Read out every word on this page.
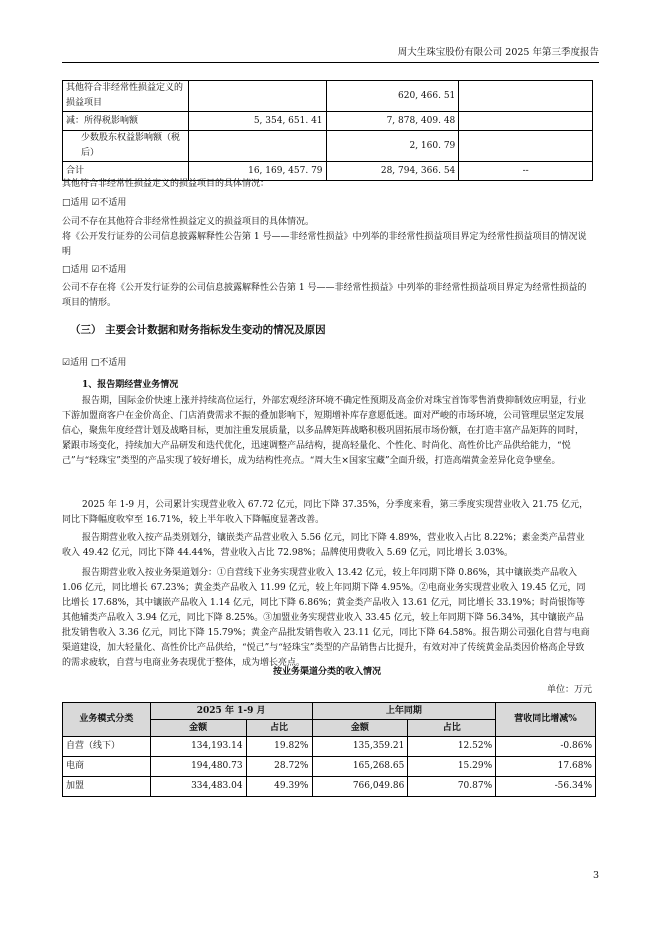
周大生珠宝股份有限公司 2025 年第三季度报告
其他符合非经常性损益定义的损益项目		620, 466. 51	
减：所得税影响额	5, 354, 651. 41	7, 878, 409. 48	
少数股东权益影响额（税后）		2, 160. 79	
合计	16, 169, 457. 79	28, 794, 366. 54	--
其他符合非经常性损益定义的损益项目的具体情况：
□适用 ☑不适用
公司不存在其他符合非经常性损益定义的损益项目的具体情况。
将《公开发行证券的公司信息披露解释性公告第 1 号——非经常性损益》中列举的非经常性损益项目界定为经常性损益项目的情况说明
□适用 ☑不适用
公司不存在将《公开发行证券的公司信息披露解释性公告第 1 号——非经常性损益》中列举的非经常性损益项目界定为经常性损益的项目的情形。
（三） 主要会计数据和财务指标发生变动的情况及原因
☑适用 □不适用
1、报告期经营业务情况
报告期，国际金价快速上涨并持续高位运行，外部宏观经济环境不确定性预期及高金价对珠宝首饰零售消费抑制效应明显，行业下游加盟商客户在金价高企、门店消费需求不振的叠加影响下，短期增补库存意愿低迷。面对严峻的市场环境，公司管理层坚定发展信心，聚焦年度经营计划及战略目标，更加注重发展质量，以多品牌矩阵战略积极巩固拓展市场份额，在打造丰富产品矩阵的同时，紧跟市场变化，持续加大产品研发和迭代优化，迅速调整产品结构，提高轻量化、个性化、时尚化、高性价比产品供给能力，“悦己”与“轻珠宝”类型的产品实现了较好增长，成为结构性亮点。“周大生×国家宝藏”全面升级，打造高端黄金差异化竞争壁垒。
2025 年 1-9 月，公司累计实现营业收入 67.72 亿元，同比下降 37.35%，分季度来看，第三季度实现营业收入 21.75 亿元，同比下降幅度收窄至 16.71%，较上半年收入下降幅度显著改善。
报告期营业收入按产品类别划分，镶嵌类产品营业收入 5.56 亿元，同比下降 4.89%，营业收入占比 8.22%；素金类产品营业收入 49.42 亿元，同比下降 44.44%，营业收入占比 72.98%；品牌使用费收入 5.69 亿元，同比增长 3.03%。
报告期营业收入按业务渠道划分：①自营线下业务实现营业收入 13.42 亿元，较上年同期下降 0.86%，其中镶嵌类产品收入 1.06 亿元，同比增长 67.23%；黄金类产品收入 11.99 亿元，较上年同期下降 4.95%。②电商业务实现营业收入 19.45 亿元，同比增长 17.68%，其中镶嵌产品收入 1.14 亿元，同比下降 6.86%；黄金类产品收入 13.61 亿元，同比增长 33.19%；时尚银饰等其他辅类产品收入 3.94 亿元，同比下降 8.25%。③加盟业务实现营业收入 33.45 亿元，较上年同期下降 56.34%，其中镶嵌产品批发销售收入 3.36 亿元，同比下降 15.79%；黄金产品批发销售收入 23.11 亿元，同比下降 64.58%。报告期公司强化自营与电商渠道建设，加大轻量化、高性价比产品供给，“悦己”与“轻珠宝”类型的产品销售占比提升，有效对冲了传统黄金品类因价格高企导致的需求疲软，自营与电商业务表现优于整体，成为增长亮点。
按业务渠道分类的收入情况
单位：万元
业务模式分类	2025 年 1-9 月		上年同期		营收同比增减%
	金额	占比	金额	占比	
自营（线下）	134,193.14	19.82%	135,359.21	12.52%	-0.86%
电商	194,480.73	28.72%	165,268.65	15.29%	17.68%
加盟	334,483.04	49.39%	766,049.86	70.87%	-56.34%
3
